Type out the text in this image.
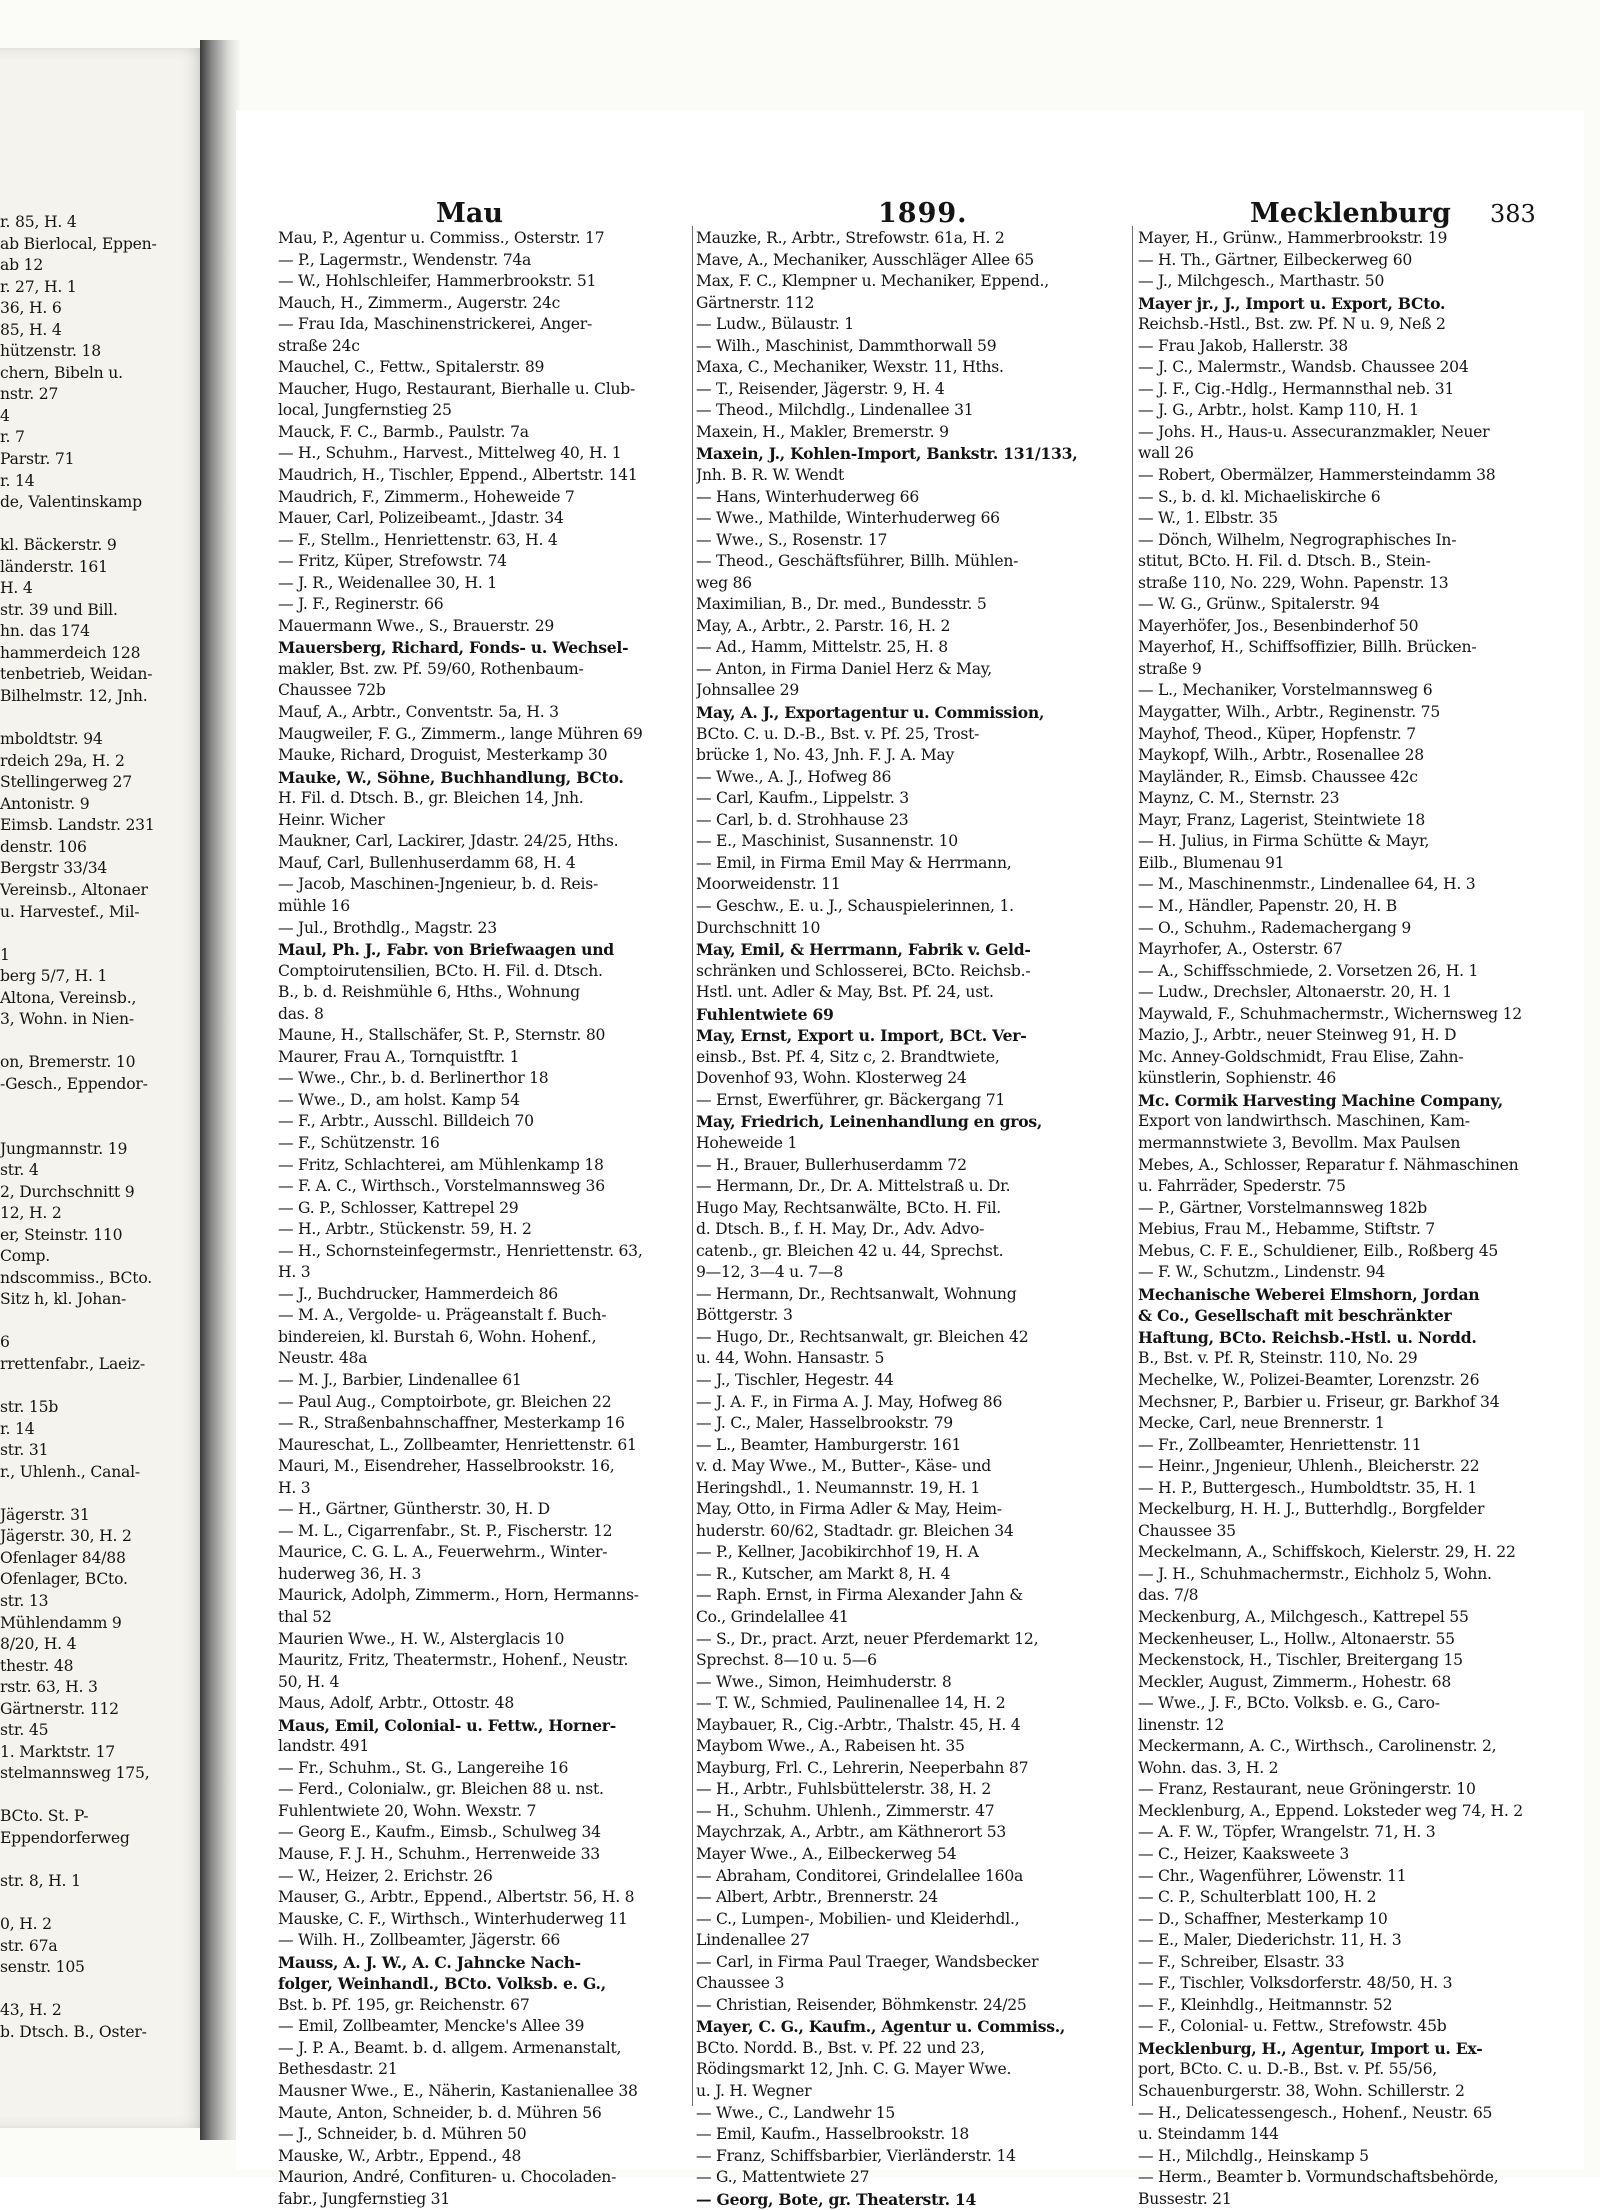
r. 85, H. 4
ab Bierlocal, Eppen-
ab 12
r. 27, H. 1
36, H. 6
85, H. 4
hützenstr. 18
chern, Bibeln u.
nstr. 27
4
r. 7
Parstr. 71
r. 14
de, Valentinskamp
kl. Bäckerstr. 9
länderstr. 161
H. 4
str. 39 und Bill.
hn. das 174
hammerdeich 128
tenbetrieb, Weidan-
Bilhelmstr. 12, Jnh.
mboldtstr. 94
rdeich 29a, H. 2
Stellingerweg 27
Antonistr. 9
Eimsb. Landstr. 231
denstr. 106
Bergstr 33/34
Vereinsb., Altonaer
u. Harvestef., Mil-
1
berg 5/7, H. 1
Altona, Vereinsb.,
3, Wohn. in Nien-
on, Bremerstr. 10
-Gesch., Eppendor-
Jungmannstr. 19
str. 4
2, Durchschnitt 9
12, H. 2
er, Steinstr. 110
Comp.
ndscommiss., BCto.
Sitz h, kl. Johan-
6
rrettenfabr., Laeiz-
str. 15b
r. 14
str. 31
r., Uhlenh., Canal-
Jägerstr. 31
Jägerstr. 30, H. 2
Ofenlager 84/88
Ofenlager, BCto.
str. 13
Mühlendamm 9
8/20, H. 4
thestr. 48
rstr. 63, H. 3
Gärtnerstr. 112
str. 45
1. Marktstr. 17
stelmannsweg 175,
BCto. St. P-
Eppendorferweg
str. 8, H. 1
0, H. 2
str. 67a
senstr. 105
43, H. 2
b. Dtsch. B., Oster-
Mau	1899.	Mecklenburg 383
Mau, P., Agentur u. Commiss., Osterstr. 17
— P., Lagermstr., Wendenstr. 74a
— W., Hohlschleifer, Hammerbrookstr. 51
Mauch, H., Zimmerm., Augerstr. 24c
— Frau Ida, Maschinenstrickerei, Anger-
straße 24c
Mauchel, C., Fettw., Spitalerstr. 89
Maucher, Hugo, Restaurant, Bierhalle u. Club-
local, Jungfernstieg 25
Mauck, F. C., Barmb., Paulstr. 7a
— H., Schuhm., Harvest., Mittelweg 40, H. 1
Maudrich, H., Tischler, Eppend., Albertstr. 141
Maudrich, F., Zimmerm., Hoheweide 7
Mauer, Carl, Polizeibeamt., Jdastr. 34
— F., Stellm., Henriettenstr. 63, H. 4
— Fritz, Küper, Strefowstr. 74
— J. R., Weidenallee 30, H. 1
— J. F., Reginerstr. 66
Mauermann Wwe., S., Brauerstr. 29
Mauersberg, Richard, Fonds- u. Wechsel-
makler, Bst. zw. Pf. 59/60, Rothenbaum-
Chaussee 72b
Mauf, A., Arbtr., Conventstr. 5a, H. 3
Maugweiler, F. G., Zimmerm., lange Mühren 69
Mauke, Richard, Droguist, Mesterkamp 30
Mauke, W., Söhne, Buchhandlung, BCto.
H. Fil. d. Dtsch. B., gr. Bleichen 14, Jnh.
Heinr. Wicher
Maukner, Carl, Lackirer, Jdastr. 24/25, Hths.
Mauf, Carl, Bullenhuserdamm 68, H. 4
— Jacob, Maschinen-Jngenieur, b. d. Reis-
mühle 16
— Jul., Brothdlg., Magstr. 23
Maul, Ph. J., Fabr. von Briefwaagen und
Comptoirutensilien, BCto. H. Fil. d. Dtsch.
B., b. d. Reishmühle 6, Hths., Wohnung
das. 8
Maune, H., Stallschäfer, St. P., Sternstr. 80
Maurer, Frau A., Tornquistftr. 1
— Wwe., Chr., b. d. Berlinerthor 18
— Wwe., D., am holst. Kamp 54
— F., Arbtr., Ausschl. Billdeich 70
— F., Schützenstr. 16
— Fritz, Schlachterei, am Mühlenkamp 18
— F. A. C., Wirthsch., Vorstelmannsweg 36
— G. P., Schlosser, Kattrepel 29
— H., Arbtr., Stückenstr. 59, H. 2
— H., Schornsteinfegermstr., Henriettenstr. 63,
H. 3
— J., Buchdrucker, Hammerdeich 86
— M. A., Vergolde- u. Prägeanstalt f. Buch-
bindereien, kl. Burstah 6, Wohn. Hohenf.,
Neustr. 48a
— M. J., Barbier, Lindenallee 61
— Paul Aug., Comptoirbote, gr. Bleichen 22
— R., Straßenbahnschaffner, Mesterkamp 16
Maureschat, L., Zollbeamter, Henriettenstr. 61
Mauri, M., Eisendreher, Hasselbrookstr. 16,
H. 3
— H., Gärtner, Güntherstr. 30, H. D
— M. L., Cigarrenfabr., St. P., Fischerstr. 12
Maurice, C. G. L. A., Feuerwehrm., Winter-
huderweg 36, H. 3
Maurick, Adolph, Zimmerm., Horn, Hermanns-
thal 52
Maurien Wwe., H. W., Alsterglacis 10
Mauritz, Fritz, Theatermstr., Hohenf., Neustr.
50, H. 4
Maus, Adolf, Arbtr., Ottostr. 48
Maus, Emil, Colonial- u. Fettw., Horner-
landstr. 491
— Fr., Schuhm., St. G., Langereihe 16
— Ferd., Colonialw., gr. Bleichen 88 u. nst.
Fuhlentwiete 20, Wohn. Wexstr. 7
— Georg E., Kaufm., Eimsb., Schulweg 34
Mause, F. J. H., Schuhm., Herrenweide 33
— W., Heizer, 2. Erichstr. 26
Mauser, G., Arbtr., Eppend., Albertstr. 56, H. 8
Mauske, C. F., Wirthsch., Winterhuderweg 11
— Wilh. H., Zollbeamter, Jägerstr. 66
Mauss, A. J. W., A. C. Jahncke Nach-
folger, Weinhandl., BCto. Volksb. e. G.,
Bst. b. Pf. 195, gr. Reichenstr. 67
— Emil, Zollbeamter, Mencke's Allee 39
— J. P. A., Beamt. b. d. allgem. Armenanstalt,
Bethesdastr. 21
Mausner Wwe., E., Näherin, Kastanienallee 38
Maute, Anton, Schneider, b. d. Mühren 56
— J., Schneider, b. d. Mühren 50
Mauske, W., Arbtr., Eppend., 48
Maurion, André, Confituren- u. Chocoladen-
fabr., Jungfernstieg 31
Mauzke, R., Arbtr., Strefowstr. 61a, H. 2
Mave, A., Mechaniker, Ausschläger Allee 65
Max, F. C., Klempner u. Mechaniker, Eppend.,
Gärtnerstr. 112
— Ludw., Bülaustr. 1
— Wilh., Maschinist, Dammthorwall 59
Maxa, C., Mechaniker, Wexstr. 11, Hths.
— T., Reisender, Jägerstr. 9, H. 4
— Theod., Milchdlg., Lindenallee 31
Maxein, H., Makler, Bremerstr. 9
Maxein, J., Kohlen-Import, Bankstr. 131/133,
Jnh. B. R. W. Wendt
— Hans, Winterhuderweg 66
— Wwe., Mathilde, Winterhuderweg 66
— Wwe., S., Rosenstr. 17
— Theod., Geschäftsführer, Billh. Mühlen-
weg 86
Maximilian, B., Dr. med., Bundesstr. 5
May, A., Arbtr., 2. Parstr. 16, H. 2
— Ad., Hamm, Mittelstr. 25, H. 8
— Anton, in Firma Daniel Herz & May,
Johnsallee 29
May, A. J., Exportagentur u. Commission,
BCto. C. u. D.-B., Bst. v. Pf. 25, Trost-
brücke 1, No. 43, Jnh. F. J. A. May
— Wwe., A. J., Hofweg 86
— Carl, Kaufm., Lippelstr. 3
— Carl, b. d. Strohhause 23
— E., Maschinist, Susannenstr. 10
— Emil, in Firma Emil May & Herrmann,
Moorweidenstr. 11
— Geschw., E. u. J., Schauspielerinnen, 1.
Durchschnitt 10
May, Emil, & Herrmann, Fabrik v. Geld-
schränken und Schlosserei, BCto. Reichsb.-
Hstl. unt. Adler & May, Bst. Pf. 24, ust.
Fuhlentwiete 69
May, Ernst, Export u. Import, BCt. Ver-
einsb., Bst. Pf. 4, Sitz c, 2. Brandtwiete,
Dovenhof 93, Wohn. Klosterweg 24
— Ernst, Ewerführer, gr. Bäckergang 71
May, Friedrich, Leinenhandlung en gros,
Hoheweide 1
— H., Brauer, Bullerhuserdamm 72
— Hermann, Dr., Dr. A. Mittelstraß u. Dr.
Hugo May, Rechtsanwälte, BCto. H. Fil.
d. Dtsch. B., f. H. May, Dr., Adv. Advo-
catenb., gr. Bleichen 42 u. 44, Sprechst.
9—12, 3—4 u. 7—8
— Hermann, Dr., Rechtsanwalt, Wohnung
Böttgerstr. 3
— Hugo, Dr., Rechtsanwalt, gr. Bleichen 42
u. 44, Wohn. Hansastr. 5
— J., Tischler, Hegestr. 44
— J. A. F., in Firma A. J. May, Hofweg 86
— J. C., Maler, Hasselbrookstr. 79
— L., Beamter, Hamburgerstr. 161
v. d. May Wwe., M., Butter-, Käse- und
Heringshdl., 1. Neumannstr. 19, H. 1
May, Otto, in Firma Adler & May, Heim-
huderstr. 60/62, Stadtadr. gr. Bleichen 34
— P., Kellner, Jacobikirchhof 19, H. A
— R., Kutscher, am Markt 8, H. 4
— Raph. Ernst, in Firma Alexander Jahn &
Co., Grindelallee 41
— S., Dr., pract. Arzt, neuer Pferdemarkt 12,
Sprechst. 8—10 u. 5—6
— Wwe., Simon, Heimhuderstr. 8
— T. W., Schmied, Paulinenallee 14, H. 2
Maybauer, R., Cig.-Arbtr., Thalstr. 45, H. 4
Maybom Wwe., A., Rabeisen ht. 35
Mayburg, Frl. C., Lehrerin, Neeperbahn 87
— H., Arbtr., Fuhlsbüttelerstr. 38, H. 2
— H., Schuhm. Uhlenh., Zimmerstr. 47
Maychrzak, A., Arbtr., am Käthnerort 53
Mayer Wwe., A., Eilbeckerweg 54
— Abraham, Conditorei, Grindelallee 160a
— Albert, Arbtr., Brennerstr. 24
— C., Lumpen-, Mobilien- und Kleiderhdl.,
Lindenallee 27
— Carl, in Firma Paul Traeger, Wandsbecker
Chaussee 3
— Christian, Reisender, Böhmkenstr. 24/25
Mayer, C. G., Kaufm., Agentur u. Commiss.,
BCto. Nordd. B., Bst. v. Pf. 22 und 23,
Rödingsmarkt 12, Jnh. C. G. Mayer Wwe.
u. J. H. Wegner
— Wwe., C., Landwehr 15
— Emil, Kaufm., Hasselbrookstr. 18
— Franz, Schiffsbarbier, Vierländerstr. 14
— G., Mattentwiete 27
— Georg, Bote, gr. Theaterstr. 14
Mayer, H., Grünw., Hammerbrookstr. 19
— H. Th., Gärtner, Eilbeckerweg 60
— J., Milchgesch., Marthastr. 50
Mayer jr., J., Import u. Export, BCto.
Reichsb.-Hstl., Bst. zw. Pf. N u. 9, Neß 2
— Frau Jakob, Hallerstr. 38
— J. C., Malermstr., Wandsb. Chaussee 204
— J. F., Cig.-Hdlg., Hermannsthal neb. 31
— J. G., Arbtr., holst. Kamp 110, H. 1
— Johs. H., Haus-u. Assecuranzmakler, Neuer
wall 26
— Robert, Obermälzer, Hammersteindamm 38
— S., b. d. kl. Michaeliskirche 6
— W., 1. Elbstr. 35
— Dönch, Wilhelm, Negrographisches In-
stitut, BCto. H. Fil. d. Dtsch. B., Stein-
straße 110, No. 229, Wohn. Papenstr. 13
— W. G., Grünw., Spitalerstr. 94
Mayerhöfer, Jos., Besenbinderhof 50
Mayerhof, H., Schiffsoffizier, Billh. Brücken-
straße 9
— L., Mechaniker, Vorstelmannsweg 6
Maygatter, Wilh., Arbtr., Reginenstr. 75
Mayhof, Theod., Küper, Hopfenstr. 7
Maykopf, Wilh., Arbtr., Rosenallee 28
Mayländer, R., Eimsb. Chaussee 42c
Maynz, C. M., Sternstr. 23
Mayr, Franz, Lagerist, Steintwiete 18
— H. Julius, in Firma Schütte & Mayr,
Eilb., Blumenau 91
— M., Maschinenmstr., Lindenallee 64, H. 3
— M., Händler, Papenstr. 20, H. B
— O., Schuhm., Rademachergang 9
Mayrhofer, A., Osterstr. 67
— A., Schiffsschmiede, 2. Vorsetzen 26, H. 1
— Ludw., Drechsler, Altonaerstr. 20, H. 1
Maywald, F., Schuhmachermstr., Wichernsweg 12
Mazio, J., Arbtr., neuer Steinweg 91, H. D
Mc. Anney-Goldschmidt, Frau Elise, Zahn-
künstlerin, Sophienstr. 46
Mc. Cormik Harvesting Machine Company,
Export von landwirthsch. Maschinen, Kam-
mermannstwiete 3, Bevollm. Max Paulsen
Mebes, A., Schlosser, Reparatur f. Nähmaschinen
u. Fahrräder, Spederstr. 75
— P., Gärtner, Vorstelmannsweg 182b
Mebius, Frau M., Hebamme, Stiftstr. 7
Mebus, C. F. E., Schuldiener, Eilb., Roßberg 45
— F. W., Schutzm., Lindenstr. 94
Mechanische Weberei Elmshorn, Jordan
& Co., Gesellschaft mit beschränkter
Haftung, BCto. Reichsb.-Hstl. u. Nordd.
B., Bst. v. Pf. R, Steinstr. 110, No. 29
Mechelke, W., Polizei-Beamter, Lorenzstr. 26
Mechsner, P., Barbier u. Friseur, gr. Barkhof 34
Mecke, Carl, neue Brennerstr. 1
— Fr., Zollbeamter, Henriettenstr. 11
— Heinr., Jngenieur, Uhlenh., Bleicherstr. 22
— H. P., Buttergesch., Humboldtstr. 35, H. 1
Meckelburg, H. H. J., Butterhdlg., Borgfelder
Chaussee 35
Meckelmann, A., Schiffskoch, Kielerstr. 29, H. 22
— J. H., Schuhmachermstr., Eichholz 5, Wohn.
das. 7/8
Meckenburg, A., Milchgesch., Kattrepel 55
Meckenheuser, L., Hollw., Altonaerstr. 55
Meckenstock, H., Tischler, Breitergang 15
Meckler, August, Zimmerm., Hohestr. 68
— Wwe., J. F., BCto. Volksb. e. G., Caro-
linenstr. 12
Meckermann, A. C., Wirthsch., Carolinenstr. 2,
Wohn. das. 3, H. 2
— Franz, Restaurant, neue Gröningerstr. 10
Mecklenburg, A., Eppend. Loksteder weg 74, H. 2
— A. F. W., Töpfer, Wrangelstr. 71, H. 3
— C., Heizer, Kaaksweete 3
— Chr., Wagenführer, Löwenstr. 11
— C. P., Schulterblatt 100, H. 2
— D., Schaffner, Mesterkamp 10
— E., Maler, Diederichstr. 11, H. 3
— F., Schreiber, Elsastr. 33
— F., Tischler, Volksdorferstr. 48/50, H. 3
— F., Kleinhdlg., Heitmannstr. 52
— F., Colonial- u. Fettw., Strefowstr. 45b
Mecklenburg, H., Agentur, Import u. Ex-
port, BCto. C. u. D.-B., Bst. v. Pf. 55/56,
Schauenburgerstr. 38, Wohn. Schillerstr. 2
— H., Delicatessengesch., Hohenf., Neustr. 65
u. Steindamm 144
— H., Milchdlg., Heinskamp 5
— Herm., Beamter b. Vormundschaftsbehörde,
Bussestr. 21
